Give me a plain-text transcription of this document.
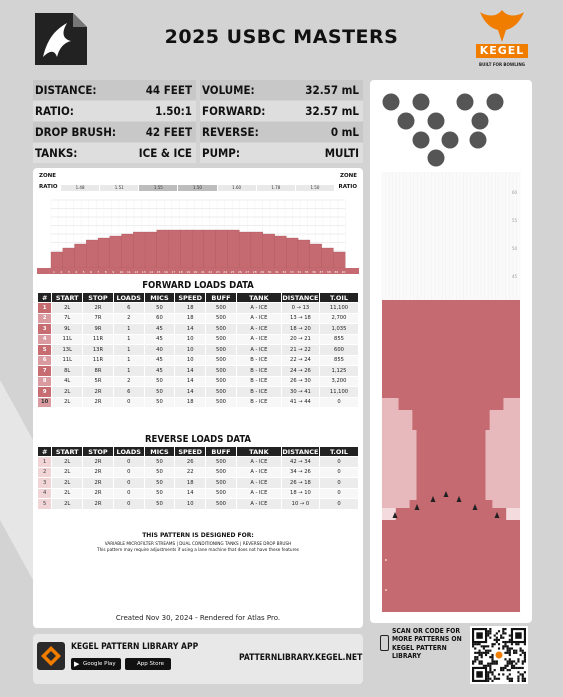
2025 USBC MASTERS
KEGEL
BUILT FOR BOWLING
DISTANCE:	44 FEET
RATIO:	1.50:1
DROP BRUSH:	42 FEET
TANKS:	ICE & ICE
VOLUME:	32.57 mL
FORWARD:	32.57 mL
REVERSE:	0 mL
PUMP:	MULTI
ZONE
RATIO
ZONE
RATIO
1.48	1.51	1.55	1.50	1.60	1.78	1.50
1 2 3 4 5 6 7 8 9 10 11 12 13 14 15 16 17 18 19 20 21 22 23 24 25 26 27 28 29 30 31 32 33 34 35 36 37 38 39 40
FORWARD LOADS DATA
#	START	STOP	LOADS	MICS	SPEED	BUFF	TANK	DISTANCE	T.OIL
1	2L	2R	6	50	18	500	A - ICE	0 → 13	11,100
2	7L	7R	2	60	18	500	A - ICE	13 → 18	2,700
3	9L	9R	1	45	14	500	A - ICE	18 → 20	1,035
4	11L	11R	1	45	10	500	A - ICE	20 → 21	855
5	13L	13R	1	40	10	500	A - ICE	21 → 22	600
6	11L	11R	1	45	10	500	B - ICE	22 → 24	855
7	8L	8R	1	45	14	500	B - ICE	24 → 26	1,125
8	4L	5R	2	50	14	500	B - ICE	26 → 30	3,200
9	2L	2R	6	50	14	500	B - ICE	30 → 41	11,100
10	2L	2R	0	50	18	500	B - ICE	41 → 44	0
REVERSE LOADS DATA
#	START	STOP	LOADS	MICS	SPEED	BUFF	TANK	DISTANCE	T.OIL
1	2L	2R	0	50	26	500	A - ICE	42 → 34	0
2	2L	2R	0	50	22	500	A - ICE	34 → 26	0
3	2L	2R	0	50	18	500	A - ICE	26 → 18	0
4	2L	2R	0	50	14	500	A - ICE	18 → 10	0
5	2L	2R	0	50	10	500	A - ICE	10 → 0	0
THIS PATTERN IS DESIGNED FOR:
VARIABLE MICROFILTER STREAMS | DUAL CONDITIONING TANKS | REVERSE DROP BRUSH
This pattern may require adjustments if using a lane machine that does not have these features
Created Nov 30, 2024 - Rendered for Atlas Pro.
60
55
50
45
KEGEL PATTERN LIBRARY APP
▶ Google Play	App Store
PATTERNLIBRARY.KEGEL.NET
SCAN OR CODE FOR
MORE PATTERNS ON
KEGEL PATTERN
LIBRARY
